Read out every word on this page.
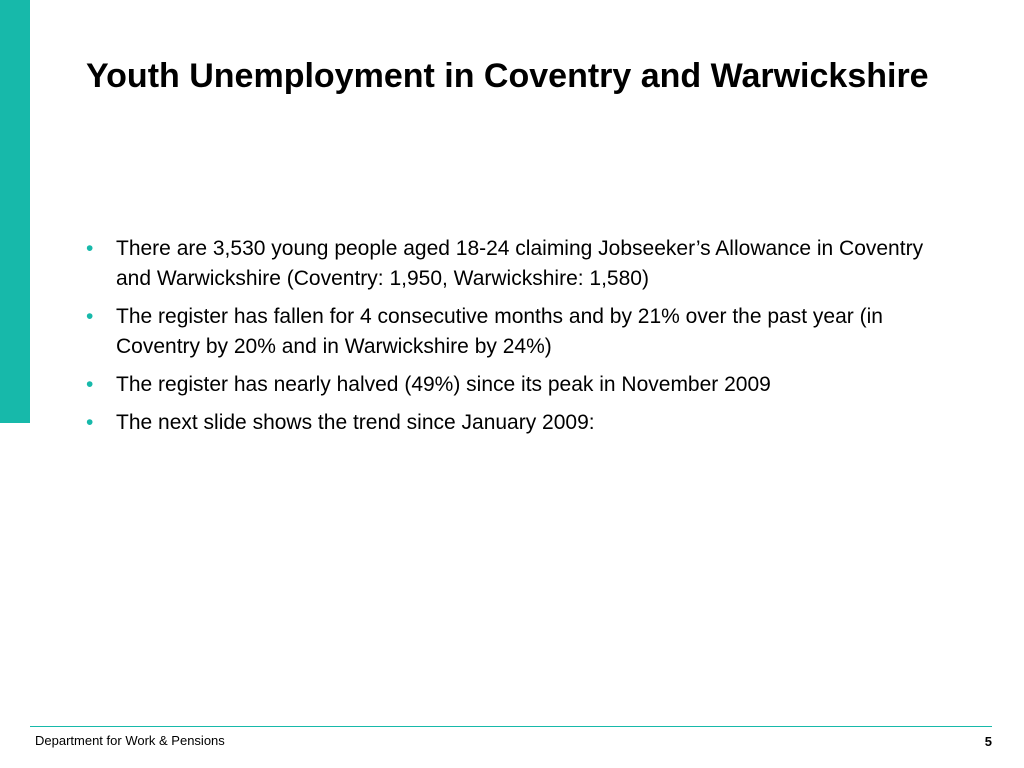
Youth Unemployment in Coventry and Warwickshire
• There are 3,530 young people aged 18-24 claiming Jobseeker’s Allowance in Coventry and Warwickshire (Coventry: 1,950, Warwickshire: 1,580)
• The register has fallen for 4 consecutive months and by 21% over the past year (in Coventry by 20% and in Warwickshire by 24%)
• The register has nearly halved (49%) since its peak in November 2009
• The next slide shows the trend since January 2009:
Department for Work & Pensions	5
